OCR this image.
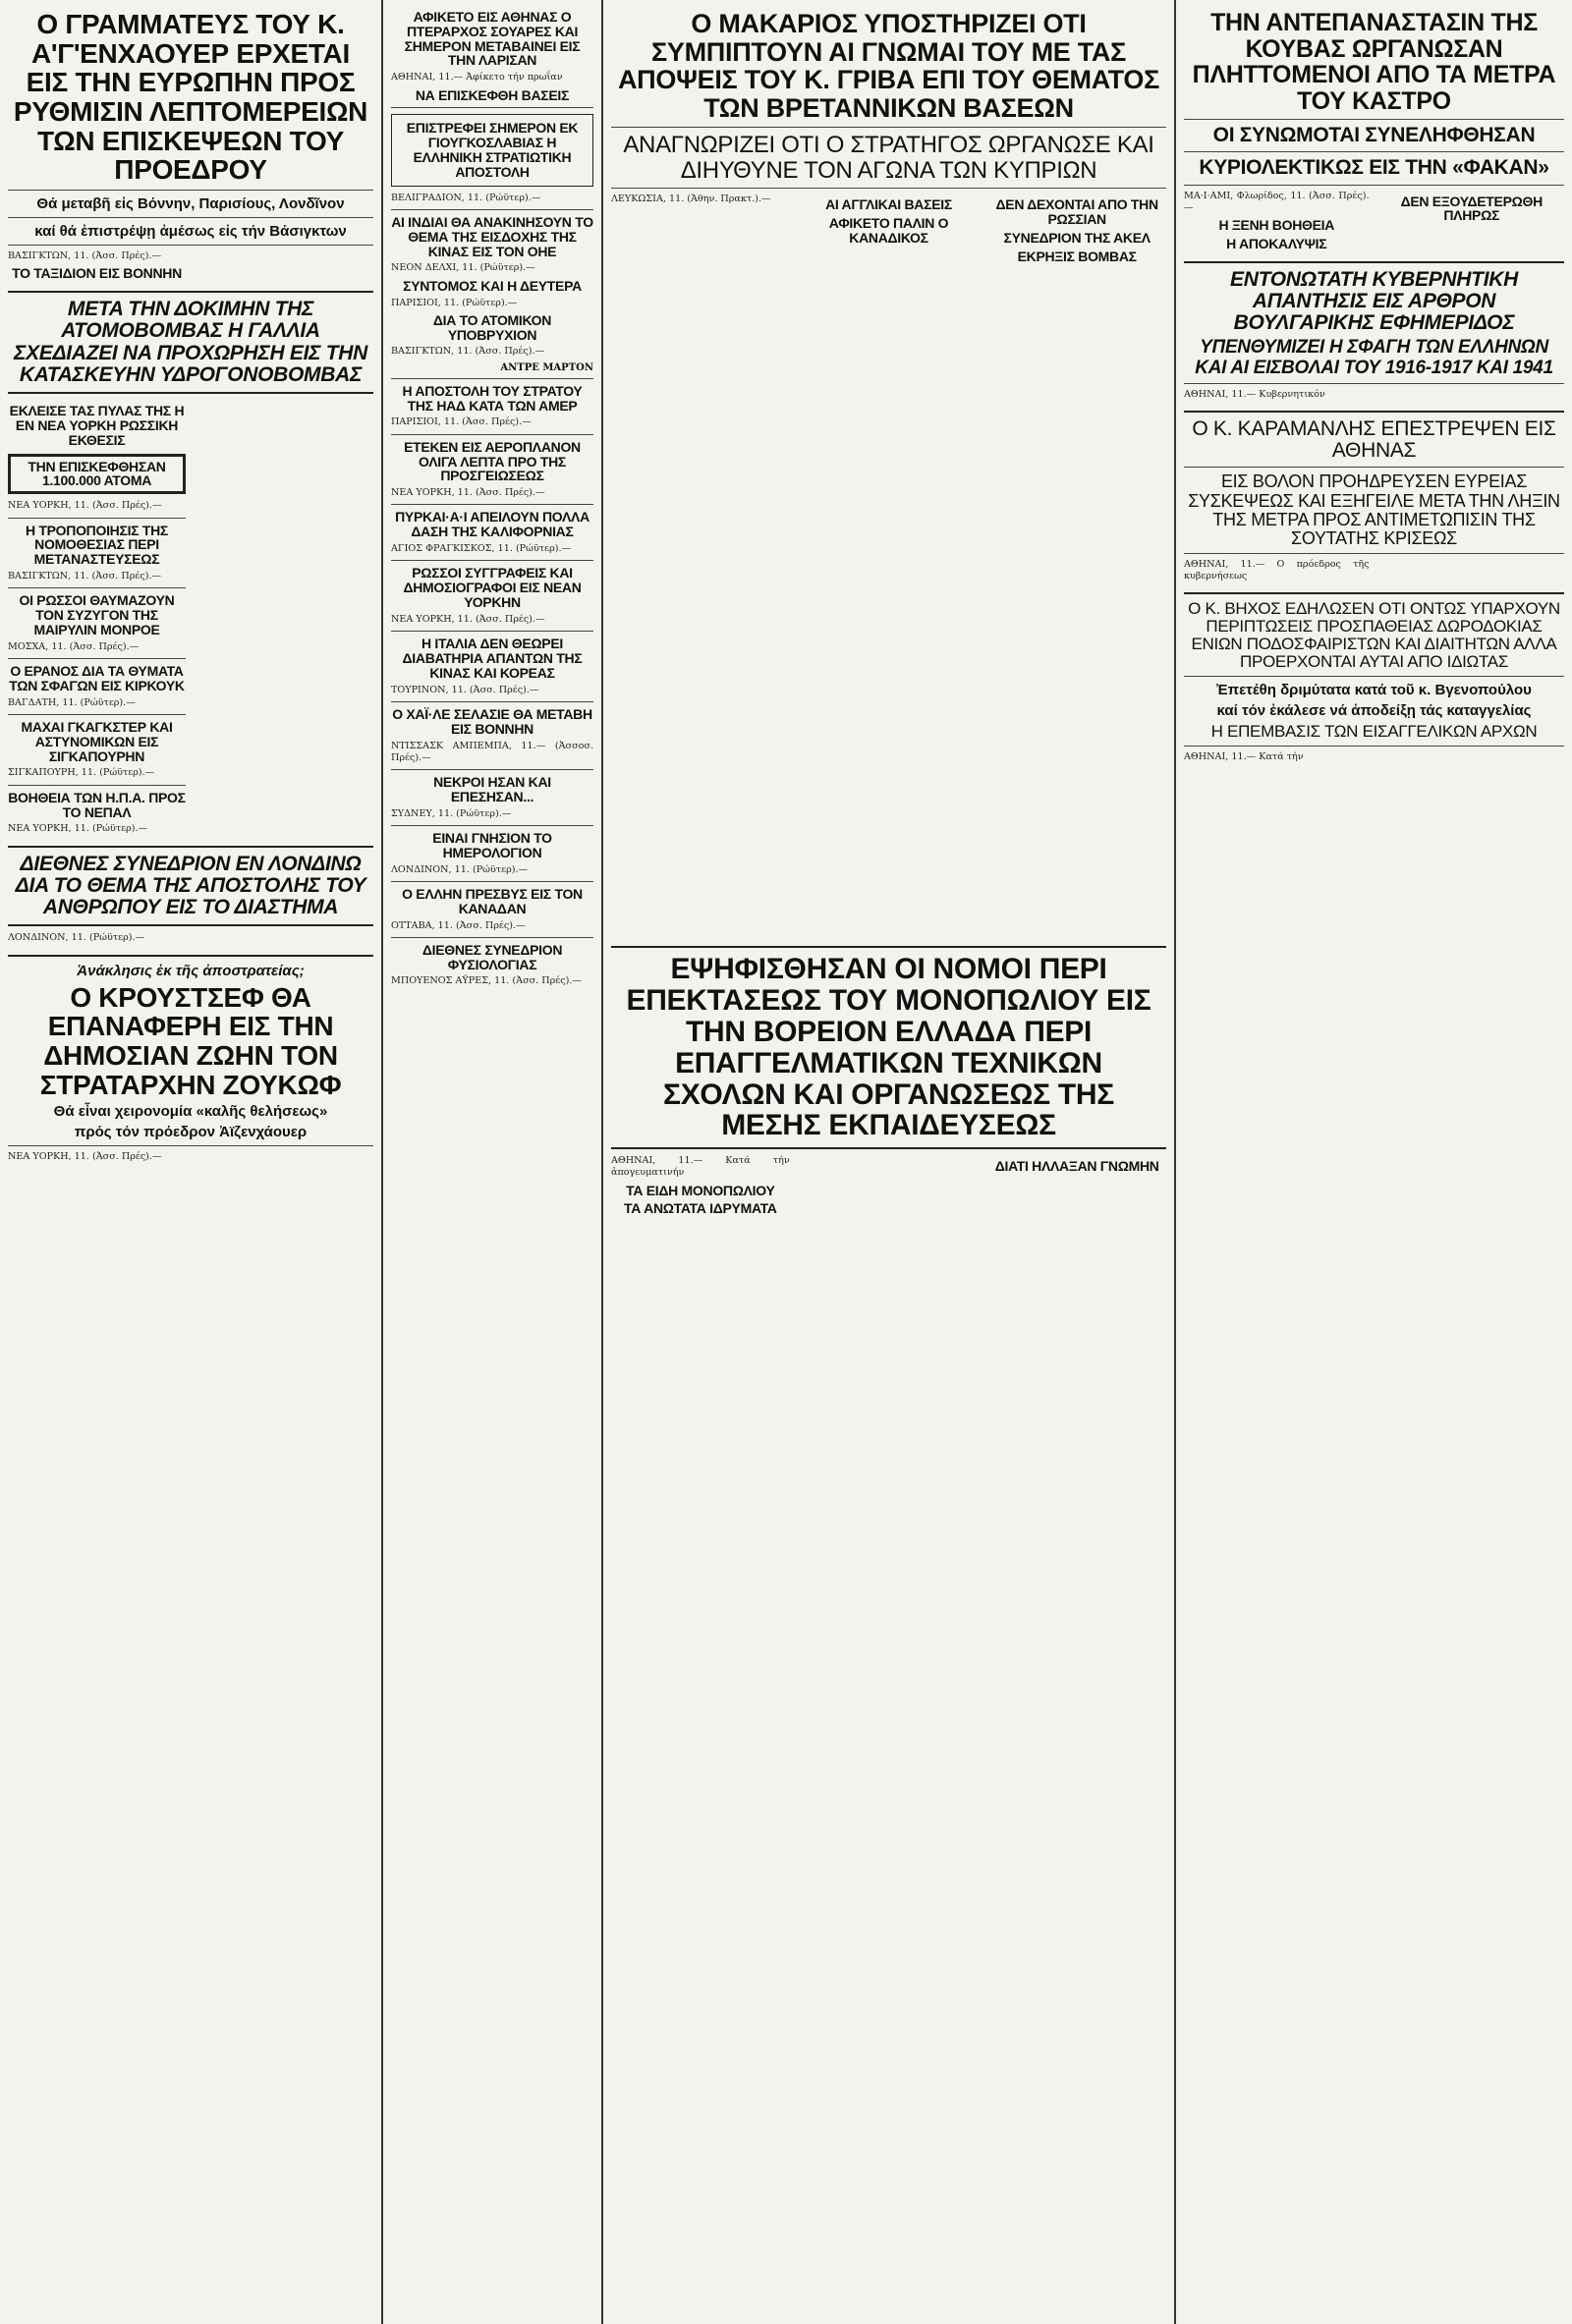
Ο ΓΡΑΜΜΑΤΕΥΣ ΤΟΥ Κ. Α'Γ'ΕΝΧΑΟΥΕΡ ΕΡΧΕΤΑΙ ΕΙΣ ΤΗΝ ΕΥΡΩΠΗΝ ΠΡΟΣ ΡΥΘΜΙΣΙΝ ΛΕΠΤΟΜΕΡΕΙΩΝ ΤΩΝ ΕΠΙΣΚΕΨΕΩΝ ΤΟΥ ΠΡΟΕΔΡΟΥ
Θά μεταβῆ εἰς Βόννην, Παρισίους, Λονδῖνον
καί θά ἐπιστρέψῃ ἀμέσως εἰς τήν Βάσιγκτων

ΒΑΣΙΓΚΤΩΝ, 11. (Ἀσσ. Πρές).—

ΤΟ ΤΑΞΙΔΙΟΝ ΕΙΣ ΒΟΝΝΗΝ

ΜΕΤΑ ΤΗΝ ΔΟΚΙΜΗΝ ΤΗΣ ΑΤΟΜΟΒΟΜΒΑΣ Η ΓΑΛΛΙΑ ΣΧΕΔΙΑΖΕΙ ΝΑ ΠΡΟΧΩΡΗΣΗ ΕΙΣ ΤΗΝ ΚΑΤΑΣΚΕΥΗΝ ΥΔΡΟΓΟΝΟΒΟΜΒΑΣ
ΕΚΛΕΙΣΕ ΤΑΣ ΠΥΛΑΣ ΤΗΣ Η ΕΝ ΝΕΑ ΥΟΡΚΗ ΡΩΣΣΙΚΗ ΕΚΘΕΣΙΣ
ΤΗΝ ΕΠΙΣΚΕΦΘΗΣΑΝ 1.100.000 ΑΤΟΜΑ

ΝΕΑ ΥΟΡΚΗ, 11. (Ἀσσ. Πρές).—

Η ΤΡΟΠΟΠΟΙΗΣΙΣ ΤΗΣ ΝΟΜΟΘΕΣΙΑΣ ΠΕΡΙ ΜΕΤΑΝΑΣΤΕΥΣΕΩΣ

ΒΑΣΙΓΚΤΩΝ, 11. (Ἀσσ. Πρές).—

ΟΙ ΡΩΣΣΟΙ ΘΑΥΜΑΖΟΥΝ ΤΟΝ ΣΥΖΥΓΟΝ ΤΗΣ ΜΑΙΡΥΛΙΝ ΜΟΝΡΟΕ

ΜΟΣΧΑ, 11. (Ἀσσ. Πρές).—

Ο ΕΡΑΝΟΣ ΔΙΑ ΤΑ ΘΥΜΑΤΑ ΤΩΝ ΣΦΑΓΩΝ ΕΙΣ ΚΙΡΚΟΥΚ

ΒΑΓΔΑΤΗ, 11. (Ρώϋτερ).—

ΜΑΧΑΙ ΓΚΑΓΚΣΤΕΡ ΚΑΙ ΑΣΤΥΝΟΜΙΚΩΝ ΕΙΣ ΣΙΓΚΑΠΟΥΡΗΝ

ΣΙΓΚΑΠΟΥΡΗ, 11. (Ρώϋτερ).—

ΒΟΗΘΕΙΑ ΤΩΝ Η.Π.Α. ΠΡΟΣ ΤΟ ΝΕΠΑΛ

ΝΕΑ ΥΟΡΚΗ, 11. (Ρώϋτερ).—

ΔΙΕΘΝΕΣ ΣΥΝΕΔΡΙΟΝ ΕΝ ΛΟΝΔΙΝΩ ΔΙΑ ΤΟ ΘΕΜΑ ΤΗΣ ΑΠΟΣΤΟΛΗΣ ΤΟΥ ΑΝΘΡΩΠΟΥ ΕΙΣ ΤΟ ΔΙΑΣΤΗΜΑ

ΛΟΝΔΙΝΟΝ, 11. (Ρώϋτερ).—

Ἀνάκλησις ἐκ τῆς ἀποστρατείας;
Ο ΚΡΟΥΣΤΣΕΦ ΘΑ ΕΠΑΝΑΦΕΡΗ ΕΙΣ ΤΗΝ ΔΗΜΟΣΙΑΝ ΖΩΗΝ ΤΟΝ ΣΤΡΑΤΑΡΧΗΝ ΖΟΥΚΩΦ
Θά εἶναι χειρονομία «καλῆς θελήσεως»
πρός τόν πρόεδρον Ἀϊζενχάουερ

ΝΕΑ ΥΟΡΚΗ, 11. (Ἀσσ. Πρές).—

ΑΦΙΚΕΤΟ ΕΙΣ ΑΘΗΝΑΣ Ο ΠΤΕΡΑΡΧΟΣ ΣΟΥΑΡΕΣ ΚΑΙ ΣΗΜΕΡΟΝ ΜΕΤΑΒΑΙΝΕΙ ΕΙΣ ΤΗΝ ΛΑΡΙΣΑΝ

ΑΘΗΝΑΙ, 11.— Ἀφίκετο τήν πρωΐαν

ΝΑ ΕΠΙΣΚΕΦΘΗ ΒΑΣΕΙΣ

ΕΠΙΣΤΡΕΦΕΙ ΣΗΜΕΡΟΝ ΕΚ ΓΙΟΥΓΚΟΣΛΑΒΙΑΣ Η ΕΛΛΗΝΙΚΗ ΣΤΡΑΤΙΩΤΙΚΗ ΑΠΟΣΤΟΛΗ

ΒΕΛΙΓΡΑΔΙΟΝ, 11. (Ρώϋτερ).—

ΑΙ ΙΝΔΙΑΙ ΘΑ ΑΝΑΚΙΝΗΣΟΥΝ ΤΟ ΘΕΜΑ ΤΗΣ ΕΙΣΔΟΧΗΣ ΤΗΣ ΚΙΝΑΣ ΕΙΣ ΤΟΝ ΟΗΕ

ΝΕΟΝ ΔΕΛΧΙ, 11. (Ρώϋτερ).—

ΣΥΝΤΟΜΟΣ ΚΑΙ Η ΔΕΥΤΕΡΑ

ΠΑΡΙΣΙΟΙ, 11. (Ρώϋτερ).—

ΔΙΑ ΤΟ ΑΤΟΜΙΚΟΝ ΥΠΟΒΡΥΧΙΟΝ

ΒΑΣΙΓΚΤΩΝ, 11. (Ἀσσ. Πρές).—

ΑΝΤΡΕ ΜΑΡΤΟΝ
Η ΑΠΟΣΤΟΛΗ ΤΟΥ ΣΤΡΑΤΟΥ ΤΗΣ ΗΑΔ ΚΑΤΑ ΤΩΝ ΑΜΕΡ

ΠΑΡΙΣΙΟΙ, 11. (Ἀσσ. Πρές).—

ΕΤΕΚΕΝ ΕΙΣ ΑΕΡΟΠΛΑΝΟΝ ΟΛΙΓΑ ΛΕΠΤΑ ΠΡΟ ΤΗΣ ΠΡΟΣΓΕΙΩΣΕΩΣ

ΝΕΑ ΥΟΡΚΗ, 11. (Ἀσσ. Πρές).—

ΠΥΡΚΑΙ·Α·Ι ΑΠΕΙΛΟΥΝ ΠΟΛΛΑ ΔΑΣΗ ΤΗΣ ΚΑΛΙΦΟΡΝΙΑΣ

ΑΓΙΟΣ ΦΡΑΓΚΙΣΚΟΣ, 11. (Ρώϋτερ).—

ΡΩΣΣΟΙ ΣΥΓΓΡΑΦΕΙΣ ΚΑΙ ΔΗΜΟΣΙΟΓΡΑΦΟΙ ΕΙΣ ΝΕΑΝ ΥΟΡΚΗΝ

ΝΕΑ ΥΟΡΚΗ, 11. (Ἀσσ. Πρές).—

Η ΙΤΑΛΙΑ ΔΕΝ ΘΕΩΡΕΙ ΔΙΑΒΑΤΗΡΙΑ ΑΠΑΝΤΩΝ ΤΗΣ ΚΙΝΑΣ ΚΑΙ ΚΟΡΕΑΣ

ΤΟΥΡΙΝΟΝ, 11. (Ἀσσ. Πρές).—

Ο ΧΑΪ·ΛΕ ΣΕΛΑΣΙΕ ΘΑ ΜΕΤΑΒΗ ΕΙΣ ΒΟΝΝΗΝ

ΝΤΙΣΣΑΣΚ ΑΜΠΕΜΠΑ, 11.— (Ἀσσοσ. Πρές).—

ΝΕΚΡΟΙ ΗΣΑΝ ΚΑΙ ΕΠΕΣΗΣΑΝ...

ΣΥΔΝΕΥ, 11. (Ρώϋτερ).—

ΕΙΝΑΙ ΓΝΗΣΙΟΝ ΤΟ ΗΜΕΡΟΛΟΓΙΟΝ

ΛΟΝΔΙΝΟΝ, 11. (Ρώϋτερ).—

Ο ΕΛΛΗΝ ΠΡΕΣΒΥΣ ΕΙΣ ΤΟΝ ΚΑΝΑΔΑΝ

ΟΤΤΑΒΑ, 11. (Ἀσσ. Πρές).—

ΔΙΕΘΝΕΣ ΣΥΝΕΔΡΙΟΝ ΦΥΣΙΟΛΟΓΙΑΣ

ΜΠΟΥΕΝΟΣ ΑΫΡΕΣ, 11. (Ἀσσ. Πρές).—

Ο ΜΑΚΑΡΙΟΣ ΥΠΟΣΤΗΡΙΖΕΙ ΟΤΙ ΣΥΜΠΙΠΤΟΥΝ ΑΙ ΓΝΩΜΑΙ ΤΟΥ ΜΕ ΤΑΣ ΑΠΟΨΕΙΣ ΤΟΥ Κ. ΓΡΙΒΑ ΕΠΙ ΤΟΥ ΘΕΜΑΤΟΣ ΤΩΝ ΒΡΕΤΑΝΝΙΚΩΝ ΒΑΣΕΩΝ
ΑΝΑΓΝΩΡΙΖΕΙ ΟΤΙ Ο ΣΤΡΑΤΗΓΟΣ ΩΡΓΑΝΩΣΕ ΚΑΙ ΔΙΗΥΘΥΝΕ ΤΟΝ ΑΓΩΝΑ ΤΩΝ ΚΥΠΡΙΩΝ

ΛΕΥΚΩΣΙΑ, 11. (Ἀθην. Πρακτ.).—	ΑΙ ΑΓΓΛΙΚΑΙ ΒΑΣΕΙΣ

ΑΦΙΚΕΤΟ ΠΑΛΙΝ Ο ΚΑΝΑΔΙΚΟΣ

ΔΕΝ ΔΕΧΟΝΤΑΙ ΑΠΟ ΤΗΝ ΡΩΣΣΙΑΝ

ΣΥΝΕΔΡΙΟΝ ΤΗΣ ΑΚΕΛ

ΕΚΡΗΞΙΣ ΒΟΜΒΑΣ

ΕΨΗΦΙΣΘΗΣΑΝ ΟΙ ΝΟΜΟΙ ΠΕΡΙ ΕΠΕΚΤΑΣΕΩΣ ΤΟΥ ΜΟΝΟΠΩΛΙΟΥ ΕΙΣ ΤΗΝ ΒΟΡΕΙΟΝ ΕΛΛΑΔΑ ΠΕΡΙ ΕΠΑΓΓΕΛΜΑΤΙΚΩΝ ΤΕΧΝΙΚΩΝ ΣΧΟΛΩΝ ΚΑΙ ΟΡΓΑΝΩΣΕΩΣ ΤΗΣ ΜΕΣΗΣ ΕΚΠΑΙΔΕΥΣΕΩΣ

ΑΘΗΝΑΙ, 11.— Κατά τήν ἀπογευματινήν

ΤΑ ΕΙΔΗ ΜΟΝΟΠΩΛΙΟΥ

ΤΑ ΑΝΩΤΑΤΑ ΙΔΡΥΜΑΤΑ

ΔΙΑΤΙ ΗΛΛΑΞΑΝ ΓΝΩΜΗΝ

ΤΗΝ ΑΝΤΕΠΑΝΑΣΤΑΣΙΝ ΤΗΣ ΚΟΥΒΑΣ ΩΡΓΑΝΩΣΑΝ ΠΛΗΤΤΟΜΕΝΟΙ ΑΠΟ ΤΑ ΜΕΤΡΑ ΤΟΥ ΚΑΣΤΡΟ
ΟΙ ΣΥΝΩΜΟΤΑΙ ΣΥΝΕΛΗΦΘΗΣΑΝ
ΚΥΡΙΟΛΕΚΤΙΚΩΣ ΕΙΣ ΤΗΝ «ΦΑΚΑΝ»

ΜΑ·Ι·ΑΜΙ, Φλωρίδος, 11. (Ἀσσ. Πρές).—

Η ΞΕΝΗ ΒΟΗΘΕΙΑ

Η ΑΠΟΚΑΛΥΨΙΣ

ΔΕΝ ΕΞΟΥΔΕΤΕΡΩΘΗ ΠΛΗΡΩΣ

ΕΝΤΟΝΩΤΑΤΗ ΚΥΒΕΡΝΗΤΙΚΗ ΑΠΑΝΤΗΣΙΣ ΕΙΣ ΑΡΘΡΟΝ ΒΟΥΛΓΑΡΙΚΗΣ ΕΦΗΜΕΡΙΔΟΣ
ΥΠΕΝΘΥΜΙΖΕΙ Η ΣΦΑΓΗ ΤΩΝ ΕΛΛΗΝΩΝ ΚΑΙ ΑΙ ΕΙΣΒΟΛΑΙ ΤΟΥ 1916-1917 ΚΑΙ 1941

ΑΘΗΝΑΙ, 11.— Κυβερνητικόν

Ο Κ. ΚΑΡΑΜΑΝΛΗΣ ΕΠΕΣΤΡΕΨΕΝ ΕΙΣ ΑΘΗΝΑΣ
ΕΙΣ ΒΟΛΟΝ ΠΡΟΗΔΡΕΥΣΕΝ ΕΥΡΕΙΑΣ ΣΥΣΚΕΨΕΩΣ ΚΑΙ ΕΞΗΓΕΙΛΕ ΜΕΤΑ ΤΗΝ ΛΗΞΙΝ ΤΗΣ ΜΕΤΡΑ ΠΡΟΣ ΑΝΤΙΜΕΤΩΠΙΣΙΝ ΤΗΣ ΣΟΥΤΑΤΗΣ ΚΡΙΣΕΩΣ

ΑΘΗΝΑΙ, 11.— Ο πρόεδρος τῆς κυβερνήσεως

Ο Κ. ΒΗΧΟΣ ΕΔΗΛΩΣΕΝ ΟΤΙ ΟΝΤΩΣ ΥΠΑΡΧΟΥΝ ΠΕΡΙΠΤΩΣΕΙΣ ΠΡΟΣΠΑΘΕΙΑΣ ΔΩΡΟΔΟΚΙΑΣ ΕΝΙΩΝ ΠΟΔΟΣΦΑΙΡΙΣΤΩΝ ΚΑΙ ΔΙΑΙΤΗΤΩΝ ΑΛΛΑ ΠΡΟΕΡΧΟΝΤΑΙ ΑΥΤΑΙ ΑΠΟ ΙΔΙΩΤΑΣ
Ἐπετέθη δριμύτατα κατά τοῦ κ. Βγενοπούλου
καί τόν ἐκάλεσε νά ἀποδείξῃ τάς καταγγελίας
Η ΕΠΕΜΒΑΣΙΣ ΤΩΝ ΕΙΣΑΓΓΕΛΙΚΩΝ ΑΡΧΩΝ

ΑΘΗΝΑΙ, 11.— Κατά τήν
